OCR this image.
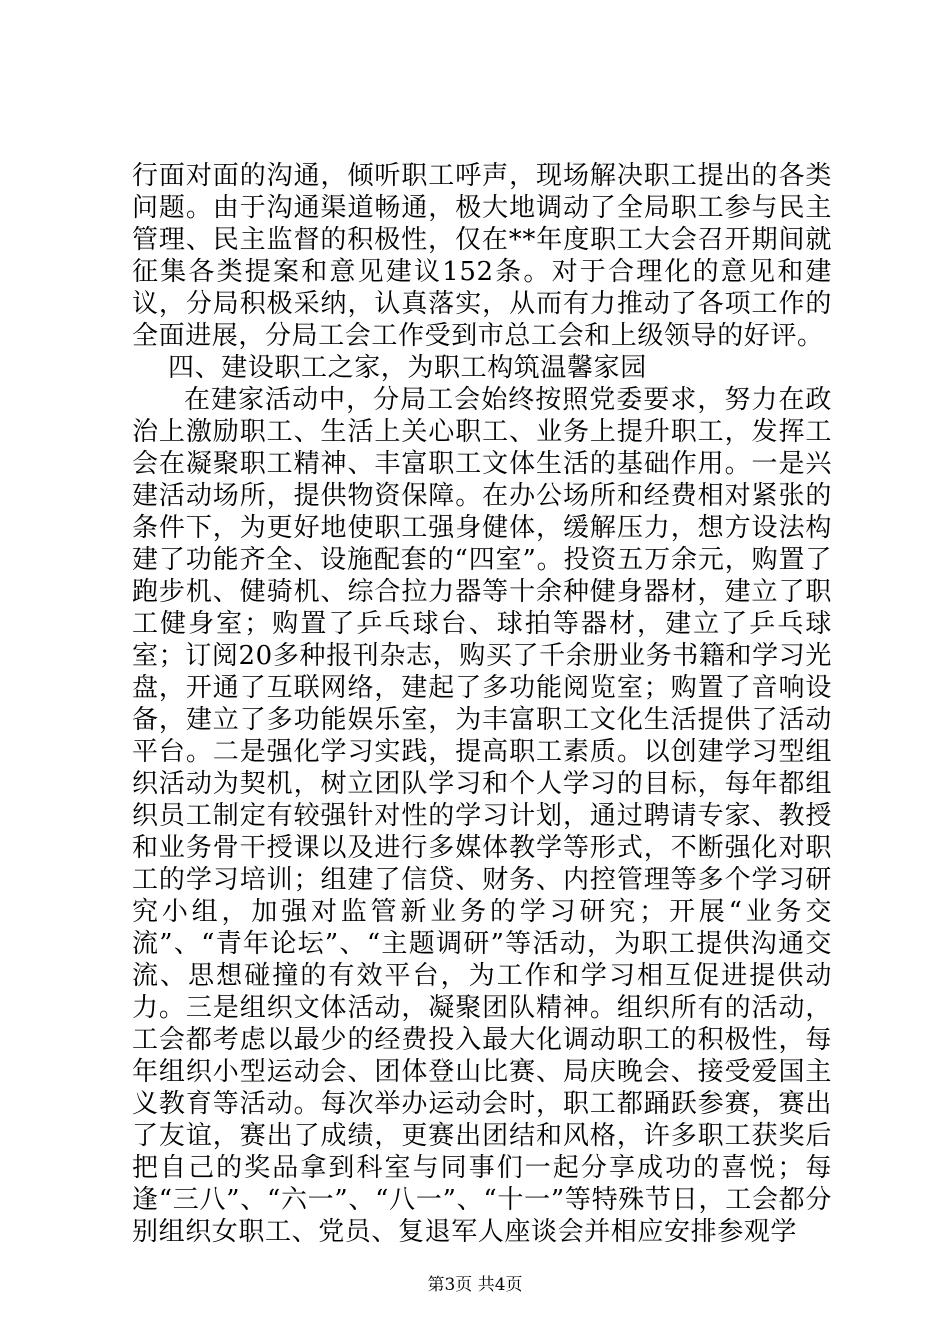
行面对面的沟通，倾听职工呼声，现场解决职工提出的各类问题。由于沟通渠道畅通，极大地调动了全局职工参与民主管理、民主监督的积极性，仅在**年度职工大会召开期间就征集各类提案和意见建议152条。对于合理化的意见和建议，分局积极采纳，认真落实，从而有力推动了各项工作的全面进展，分局工会工作受到市总工会和上级领导的好评。

四、建设职工之家，为职工构筑温馨家园

在建家活动中，分局工会始终按照党委要求，努力在政治上激励职工、生活上关心职工、业务上提升职工，发挥工会在凝聚职工精神、丰富职工文体生活的基础作用。一是兴建活动场所，提供物资保障。在办公场所和经费相对紧张的条件下，为更好地使职工强身健体，缓解压力，想方设法构建了功能齐全、设施配套的“四室”。投资五万余元，购置了跑步机、健骑机、综合拉力器等十余种健身器材，建立了职工健身室；购置了乒乓球台、球拍等器材，建立了乒乓球室；订阅20多种报刊杂志，购买了千余册业务书籍和学习光盘，开通了互联网络，建起了多功能阅览室；购置了音响设备，建立了多功能娱乐室，为丰富职工文化生活提供了活动平台。二是强化学习实践，提高职工素质。以创建学习型组织活动为契机，树立团队学习和个人学习的目标，每年都组织员工制定有较强针对性的学习计划，通过聘请专家、教授和业务骨干授课以及进行多媒体教学等形式，不断强化对职工的学习培训；组建了信贷、财务、内控管理等多个学习研究小组，加强对监管新业务的学习研究；开展“业务交流”、“青年论坛”、“主题调研”等活动，为职工提供沟通交流、思想碰撞的有效平台，为工作和学习相互促进提供动力。三是组织文体活动，凝聚团队精神。组织所有的活动，工会都考虑以最少的经费投入最大化调动职工的积极性，每年组织小型运动会、团体登山比赛、局庆晚会、接受爱国主义教育等活动。每次举办运动会时，职工都踊跃参赛，赛出了友谊，赛出了成绩，更赛出团结和风格，许多职工获奖后把自己的奖品拿到科室与同事们一起分享成功的喜悦；每逢“三八”、“六一”、“八一”、“十一”等特殊节日，工会都分别组织女职工、党员、复退军人座谈会并相应安排参观学

第3页 共4页
